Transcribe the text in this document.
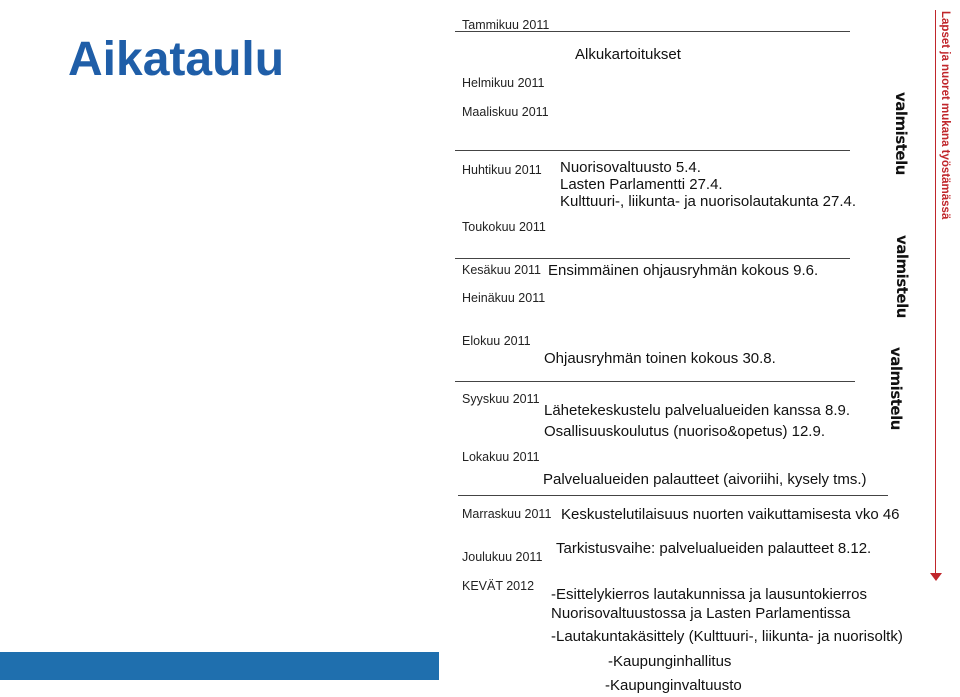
Aikataulu
Tammikuu 2011
Helmikuu 2011
Maaliskuu 2011
Huhtikuu 2011
Toukokuu 2011
Kesäkuu 2011
Heinäkuu 2011
Elokuu 2011
Syyskuu 2011
Lokakuu 2011
Marraskuu 2011
Joulukuu 2011
KEVÄT 2012
Alkukartoitukset
Nuorisovaltuusto 5.4.
Lasten Parlamentti 27.4.
Kulttuuri-, liikunta- ja nuorisolautakunta 27.4.
Ensimmäinen ohjausryhmän kokous 9.6.
Ohjausryhmän toinen kokous 30.8.
Lähetekeskustelu palvelualueiden kanssa 8.9.
Osallisuuskoulutus (nuoriso&opetus) 12.9.
Palvelualueiden palautteet (aivoriihi, kysely tms.)
Keskustelutilaisuus nuorten vaikuttamisesta vko 46
Tarkistusvaihe: palvelualueiden palautteet 8.12.
-Esittelykierros lautakunnissa ja lausuntokierros
Nuorisovaltuustossa ja Lasten Parlamentissa
-Lautakuntakäsittely (Kulttuuri-, liikunta- ja nuorisoltk)
-Kaupunginhallitus
-Kaupunginvaltuusto
valmistelu
valmistelu
valmistelu
Lapset ja nuoret mukana työstämässä
